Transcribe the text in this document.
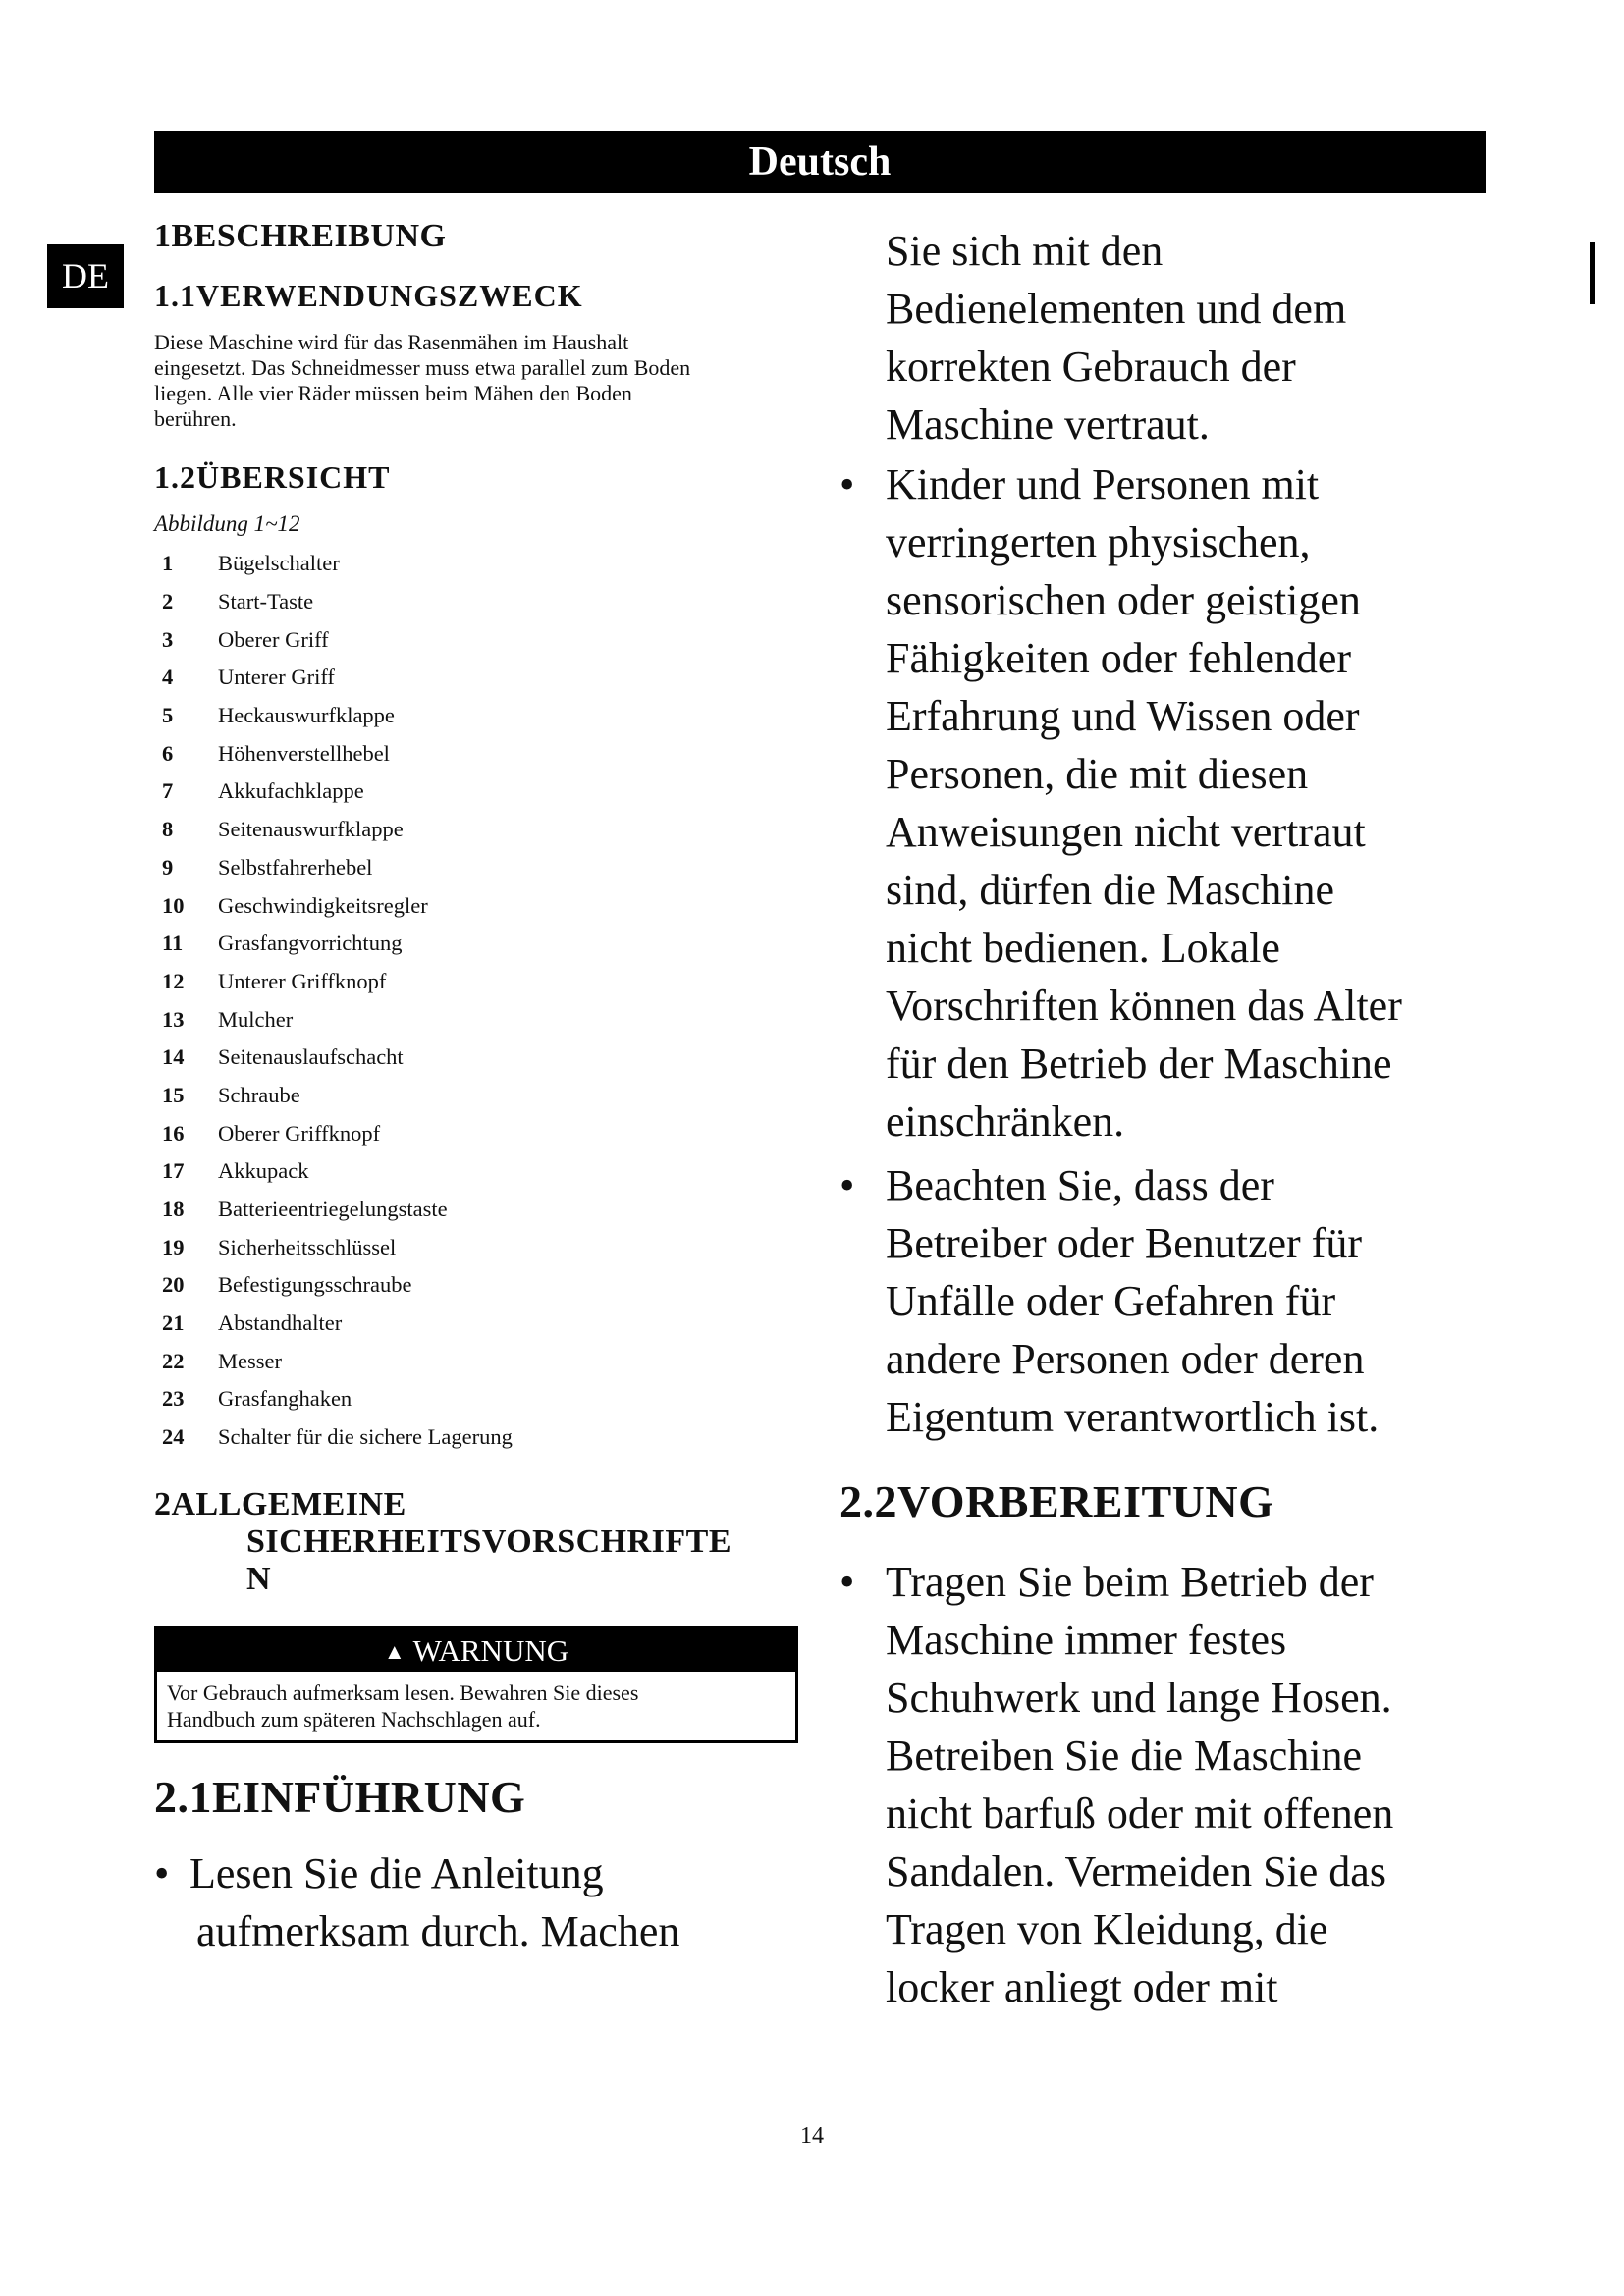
Deutsch
DE

1BESCHREIBUNG

1.1VERWENDUNGSZWECK

Diese Maschine wird für das Rasenmähen im Haushalt

eingesetzt. Das Schneidmesser muss etwa parallel zum Boden

liegen. Alle vier Räder müssen beim Mähen den Boden

berühren.

1.2ÜBERSICHT

Abbildung 1~12

1	Bügelschalter
2	Start-Taste
3	Oberer Griff
4	Unterer Griff
5	Heckauswurfklappe
6	Höhenverstellhebel
7	Akkufachklappe
8	Seitenauswurfklappe
9	Selbstfahrerhebel
10	Geschwindigkeitsregler
11	Grasfangvorrichtung
12	Unterer Griffknopf
13	Mulcher
14	Seitenauslaufschacht
15	Schraube
16	Oberer Griffknopf
17	Akkupack
18	Batterieentriegelungstaste
19	Sicherheitsschlüssel
20	Befestigungsschraube
21	Abstandhalter
22	Messer
23	Grasfanghaken
24	Schalter für die sichere Lagerung

2ALLGEMEINE

SICHERHEITSVORSCHRIFTE

N

▲ WARNUNG
Vor Gebrauch aufmerksam lesen. Bewahren Sie dieses
Handbuch zum späteren Nachschlagen auf.

2.1EINFÜHRUNG

• Lesen Sie die Anleitung

aufmerksam durch. Machen

Sie sich mit den

Bedienelementen und dem

korrekten Gebrauch der

Maschine vertraut.

• Kinder und Personen mit

verringerten physischen,

sensorischen oder geistigen

Fähigkeiten oder fehlender

Erfahrung und Wissen oder

Personen, die mit diesen

Anweisungen nicht vertraut

sind, dürfen die Maschine

nicht bedienen. Lokale

Vorschriften können das Alter

für den Betrieb der Maschine

einschränken.

• Beachten Sie, dass der

Betreiber oder Benutzer für

Unfälle oder Gefahren für

andere Personen oder deren

Eigentum verantwortlich ist.

2.2VORBEREITUNG

• Tragen Sie beim Betrieb der

Maschine immer festes

Schuhwerk und lange Hosen.

Betreiben Sie die Maschine

nicht barfuß oder mit offenen

Sandalen. Vermeiden Sie das

Tragen von Kleidung, die

locker anliegt oder mit

14
